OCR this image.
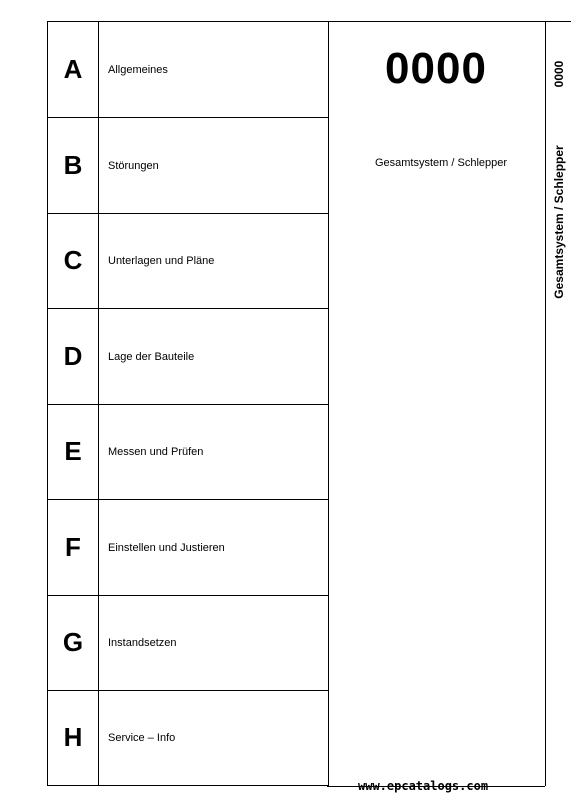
A	Allgemeines
B	Störungen
C	Unterlagen und Pläne
D	Lage der Bauteile
E	Messen und Prüfen
F	Einstellen und Justieren
G	Instandsetzen
H	Service – Info
0000
Gesamtsystem / Schlepper
0000
Gesamtsystem / Schlepper
www.epcatalogs.com
